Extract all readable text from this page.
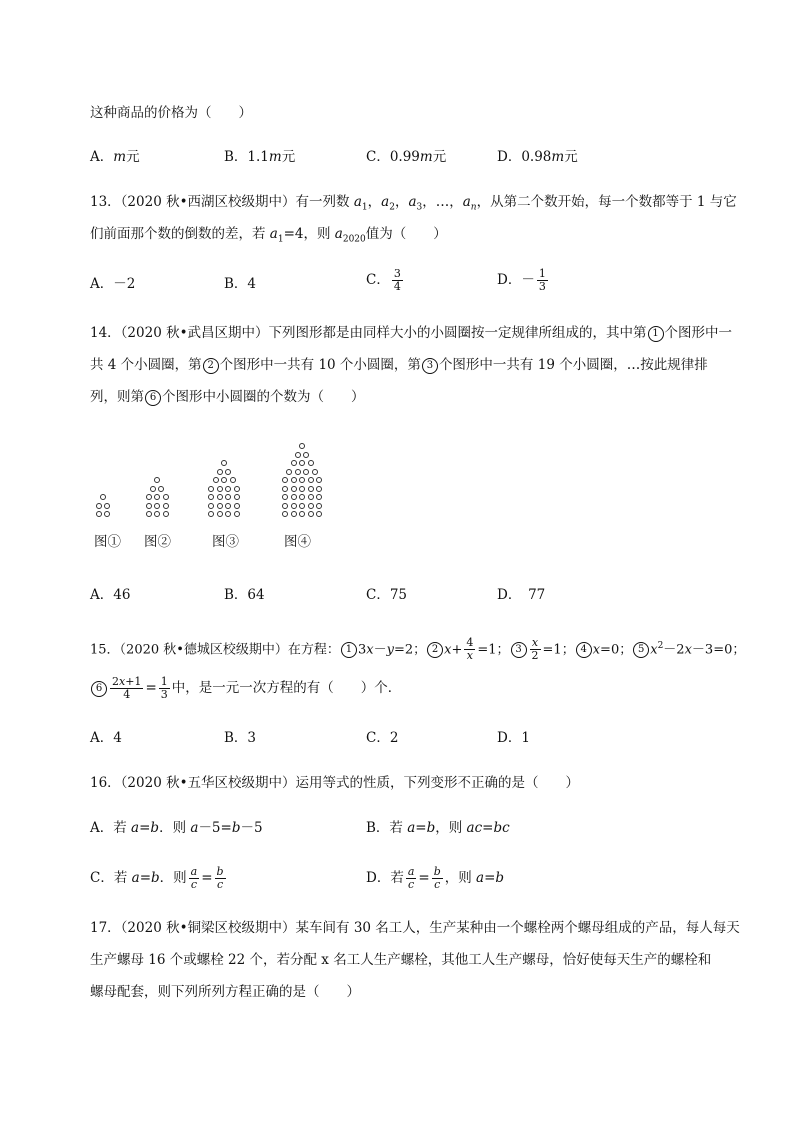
这种商品的价格为（　　）
A．m元	B．1.1m元	C．0.99m元	D．0.98m元
13．（2020 秋•西湖区校级期中）有一列数 $a_1$，$a_2$，$a_3$，…，$a_n$，从第二个数开始，每一个数都等于 1 与它
们前面那个数的倒数的差，若 $a_1=4$，则 $a_{2020}$值为（　　）
A．－2	B．4	C． $\frac{3}{4}$	D．－ $\frac{1}{3}$
14．（2020 秋•武昌区期中）下列图形都是由同样大小的小圆圈按一定规律所组成的，其中第 1 个图形中一
共 4 个小圆圈，第 2 个图形中一共有 10 个小圆圈，第 3 个图形中一共有 19 个小圆圈，…按此规律排
列，则第 6 个图形中小圆圈的个数为（　　）
图① 图②	图③	图④
A．46	B．64	C．75	D．　77
15．（2020 秋•德城区校级期中）在方程： 1 3x－y=2； 2 $x+ \frac{4}{x} =1$； $3 \frac{x}{2} =1$； 4 x=0； 5 $x^2-2x-3=0$；
$6 \frac{2x+1}{4} = \frac{1}{3}$ 中，是一元一次方程的有（　　）个．
A．4	B．3	C．2	D．1
16．（2020 秋•五华区校级期中）运用等式的性质，下列变形不正确的是（　　）
A．若 a=b．则 a－5=b－5	B．若 a=b，则 ac=bc
C．若 a=b．则 $\frac{a}{c} = \frac{b}{c}$	D．若 $\frac{a}{c} = \frac{b}{c}$ ，则 a=b
17．（2020 秋•铜梁区校级期中）某车间有 30 名工人，生产某种由一个螺栓两个螺母组成的产品，每人每天
生产螺母 16 个或螺栓 22 个，若分配 x 名工人生产螺栓，其他工人生产螺母，恰好使每天生产的螺栓和
螺母配套，则下列所列方程正确的是（　　）
